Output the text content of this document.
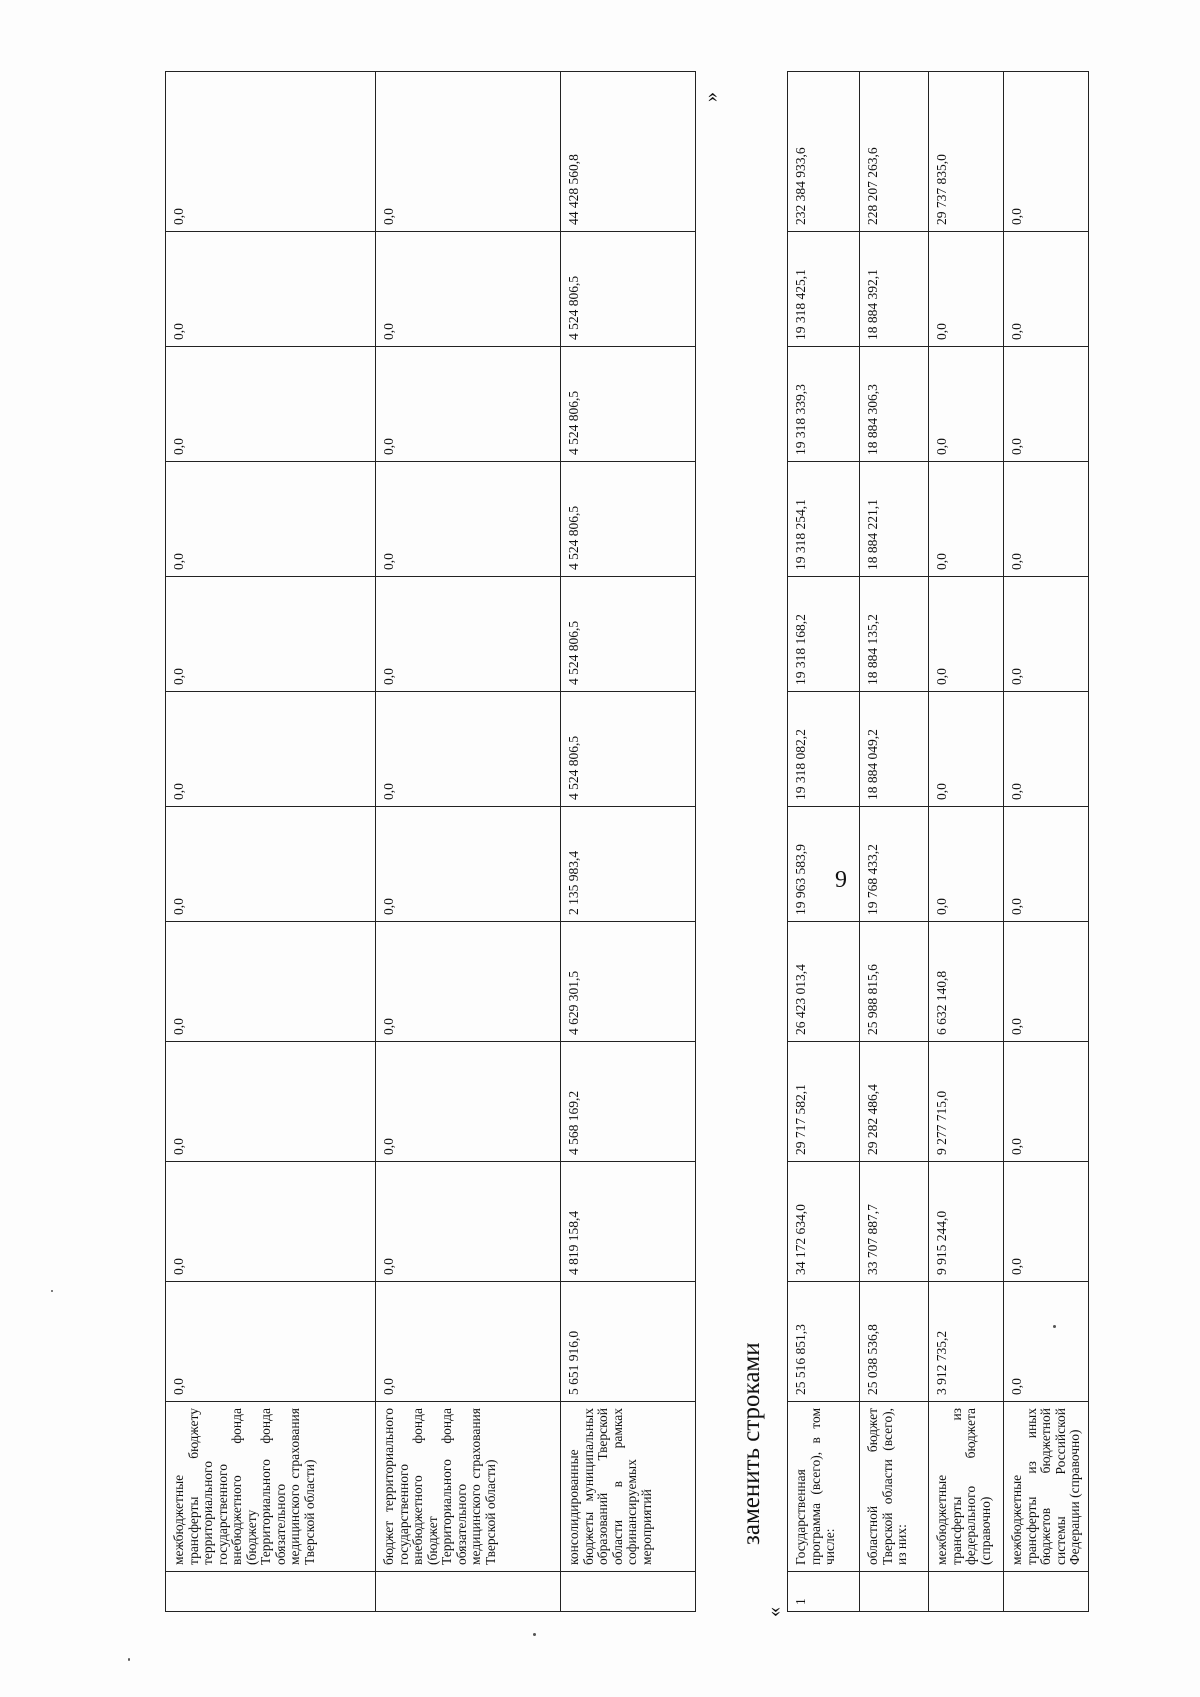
	межбюджетные трансферты бюджету территориального государственного внебюджетного фонда (бюджету Территориального фонда обязательного медицинского страхования Тверской области)	0,0	0,0	0,0	0,0	0,0	0,0	0,0	0,0	0,0	0,0	0,0
	бюджет территориального государственного внебюджетного фонда (бюджет Территориального фонда обязательного медицинского страхования Тверской области)	0,0	0,0	0,0	0,0	0,0	0,0	0,0	0,0	0,0	0,0	0,0
	консолидированные бюджеты муниципальных образований Тверской области в рамках софинансируемых мероприятий	5 651 916,0	4 819 158,4	4 568 169,2	4 629 301,5	2 135 983,4	4 524 806,5	4 524 806,5	4 524 806,5	4 524 806,5	4 524 806,5	44 428 560,8
9
»
заменить строками
«
1	Государственная программа (всего), в том числе:	25 516 851,3	34 172 634,0	29 717 582,1	26 423 013,4	19 963 583,9	19 318 082,2	19 318 168,2	19 318 254,1	19 318 339,3	19 318 425,1	232 384 933,6
	областной бюджет Тверской области (всего), из них:	25 038 536,8	33 707 887,7	29 282 486,4	25 988 815,6	19 768 433,2	18 884 049,2	18 884 135,2	18 884 221,1	18 884 306,3	18 884 392,1	228 207 263,6
	межбюджетные трансферты из федерального бюджета (справочно)	3 912 735,2	9 915 244,0	9 277 715,0	6 632 140,8	0,0	0,0	0,0	0,0	0,0	0,0	29 737 835,0
	межбюджетные трансферты из иных бюджетов бюджетной системы Российской Федерации (справочно)	0,0	0,0	0,0	0,0	0,0	0,0	0,0	0,0	0,0	0,0	0,0
